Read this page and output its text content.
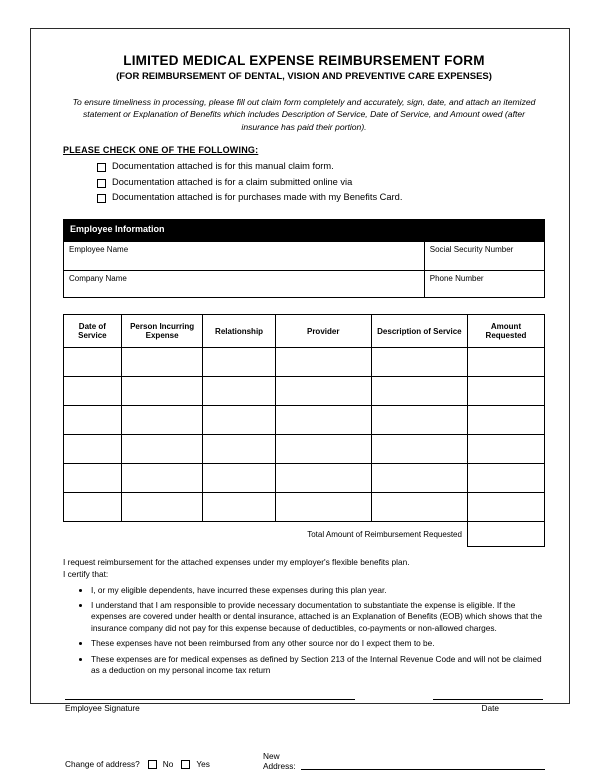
LIMITED MEDICAL EXPENSE REIMBURSEMENT FORM
(FOR REIMBURSEMENT OF DENTAL, VISION AND PREVENTIVE CARE EXPENSES)
To ensure timeliness in processing, please fill out claim form completely and accurately, sign, date, and attach an itemized statement or Explanation of Benefits which includes Description of Service, Date of Service, and Amount owed (after insurance has paid their portion).
PLEASE CHECK ONE OF THE FOLLOWING:
Documentation attached is for this manual claim form.
Documentation attached is for a claim submitted online via
Documentation attached is for purchases made with my Benefits Card.
Employee Information	
Employee Name	Social Security Number
Company Name	Phone Number
Date of Service	Person Incurring Expense	Relationship	Provider	Description of Service	Amount Requested

Total Amount of Reimbursement Requested	

I request reimbursement for the attached expenses under my employer's flexible benefits plan.

I certify that:

• I, or my eligible dependents, have incurred these expenses during this plan year.
• I understand that I am responsible to provide necessary documentation to substantiate the expense is eligible. If the expenses are covered under health or dental insurance, attached is an Explanation of Benefits (EOB) which shows that the insurance company did not pay for this expense because of deductibles, co-payments or non-allowed charges.
• These expenses have not been reimbursed from any other source nor do I expect them to be.
• These expenses are for medical expenses as defined by Section 213 of the Internal Revenue Code and will not be claimed as a deduction on my personal income tax return
Employee Signature	Date
Change of address?	No	Yes
New
Address:
